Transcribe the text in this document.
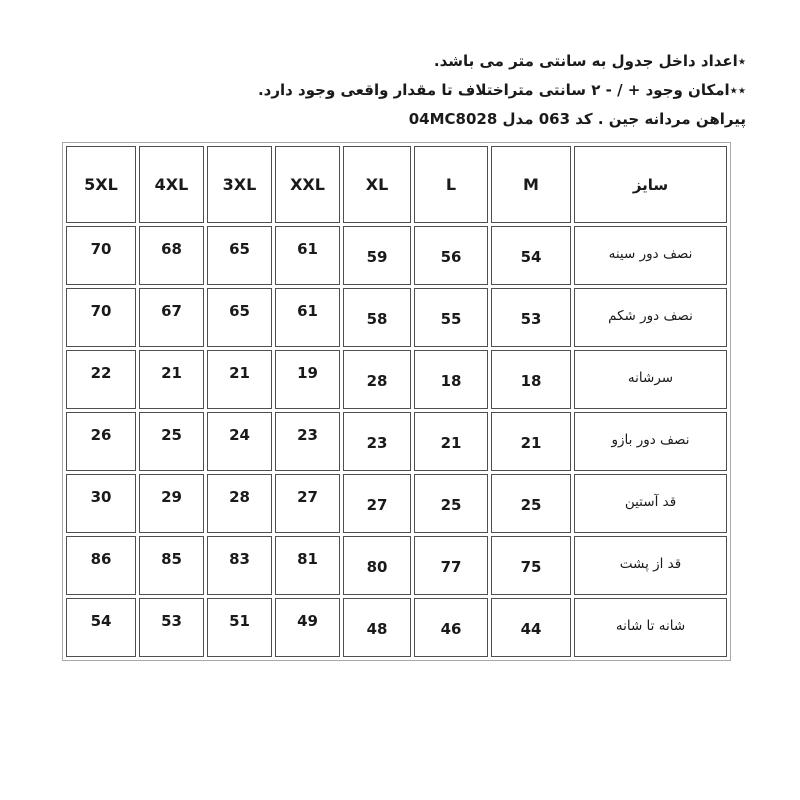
٭اعداد داخل جدول به سانتی متر می باشد.

٭٭امکان وجود + / - ۲ سانتی متراختلاف تا مقدار واقعی وجود دارد.

پیراهن مردانه جین . کد 063 مدل 04MC8028

5XL	4XL	3XL	XXL	XL	L	M	سایز
70	68	65	61	59	56	54	نصف دور سینه
70	67	65	61	58	55	53	نصف دور شکم
22	21	21	19	28	18	18	سرشانه
26	25	24	23	23	21	21	نصف دور بازو
30	29	28	27	27	25	25	قد آستین
86	85	83	81	80	77	75	قد از پشت
54	53	51	49	48	46	44	شانه تا شانه
